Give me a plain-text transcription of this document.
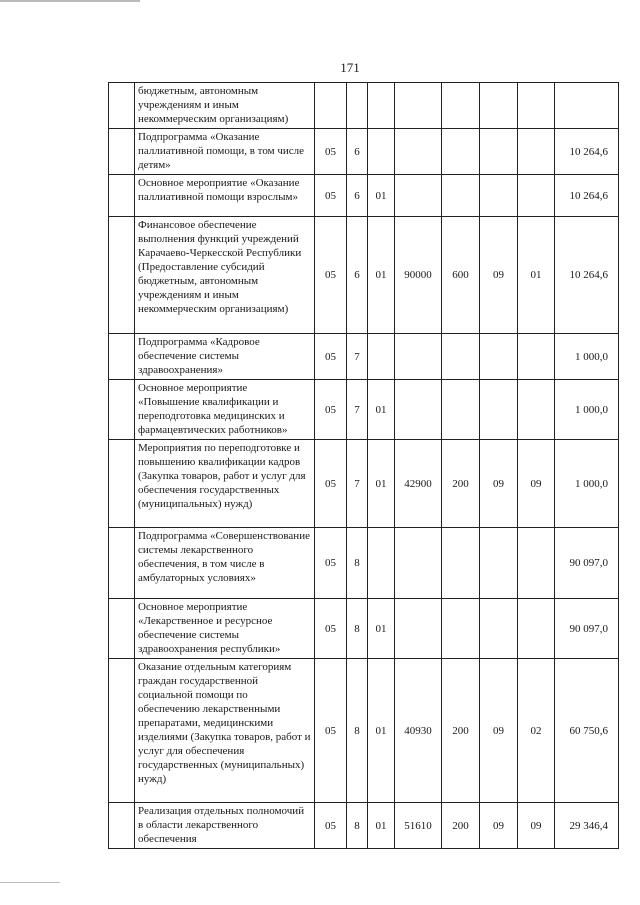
171
	бюджетным, автономным учреждениям и иным некоммерческим организациям)								
	Подпрограмма «Оказание паллиативной помощи, в том числе детям»	05	6						10 264,6
	Основное мероприятие «Оказание паллиативной помощи взрослым»	05	6	01					10 264,6
	Финансовое обеспечение выполнения функций учреждений Карачаево-Черкесской Республики (Предоставление субсидий бюджетным, автономным учреждениям и иным некоммерческим организациям)	05	6	01	90000	600	09	01	10 264,6
	Подпрограмма «Кадровое обеспечение системы здравоохранения»	05	7						1 000,0
	Основное мероприятие «Повышение квалификации и переподготовка медицинских и фармацевтических работников»	05	7	01					1 000,0
	Мероприятия по переподготовке и повышению квалификации кадров (Закупка товаров, работ и услуг для обеспечения государственных (муниципальных) нужд)	05	7	01	42900	200	09	09	1 000,0
	Подпрограмма «Совершенствование системы лекарственного обеспечения, в том числе в амбулаторных условиях»	05	8						90 097,0
	Основное мероприятие «Лекарственное и ресурсное обеспечение системы здравоохранения республики»	05	8	01					90 097,0
	Оказание отдельным категориям граждан государственной социальной помощи по обеспечению лекарственными препаратами, медицинскими изделиями (Закупка товаров, работ и услуг для обеспечения государственных (муниципальных) нужд)	05	8	01	40930	200	09	02	60 750,6
	Реализация отдельных полномочий в области лекарственного обеспечения	05	8	01	51610	200	09	09	29 346,4
